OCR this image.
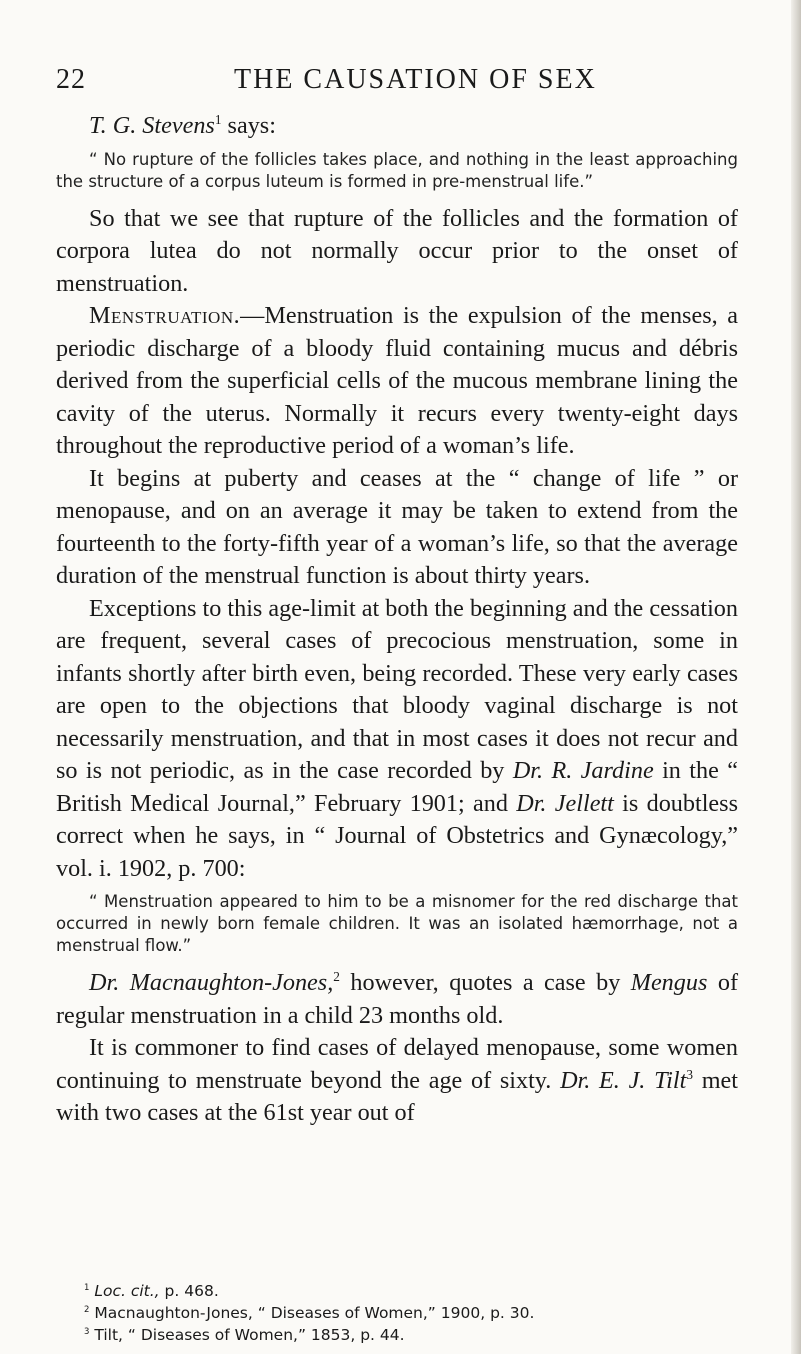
22	THE CAUSATION OF SEX

T. G. Stevens$^1$ says:

“ No rupture of the follicles takes place, and nothing in the least approaching the structure of a corpus luteum is formed in pre-menstrual life.”

So that we see that rupture of the follicles and the formation of corpora lutea do not normally occur prior to the onset of menstruation.

Menstruation.—Menstruation is the expulsion of the menses, a periodic discharge of a bloody fluid containing mucus and débris derived from the superficial cells of the mucous membrane lining the cavity of the uterus. Normally it recurs every twenty-eight days throughout the reproductive period of a woman’s life.

It begins at puberty and ceases at the “ change of life ” or menopause, and on an average it may be taken to extend from the fourteenth to the forty-fifth year of a woman’s life, so that the average duration of the menstrual function is about thirty years.

Exceptions to this age-limit at both the beginning and the cessation are frequent, several cases of precocious menstruation, some in infants shortly after birth even, being recorded. These very early cases are open to the objections that bloody vaginal discharge is not necessarily menstruation, and that in most cases it does not recur and so is not periodic, as in the case recorded by Dr. R. Jardine in the “ British Medical Journal,” February 1901; and Dr. Jellett is doubtless correct when he says, in “ Journal of Obstetrics and Gynæcology,” vol. i. 1902, p. 700:

“ Menstruation appeared to him to be a misnomer for the red discharge that occurred in newly born female children. It was an isolated hæmorrhage, not a menstrual flow.”

Dr. Macnaughton-Jones,$^2$ however, quotes a case by Mengus of regular menstruation in a child 23 months old.

It is commoner to find cases of delayed menopause, some women continuing to menstruate beyond the age of sixty. Dr. E. J. Tilt$^3$ met with two cases at the 61st year out of

$^1$ Loc. cit., p. 468.

$^2$ Macnaughton-Jones, “ Diseases of Women,” 1900, p. 30.

$^3$ Tilt, “ Diseases of Women,” 1853, p. 44.
